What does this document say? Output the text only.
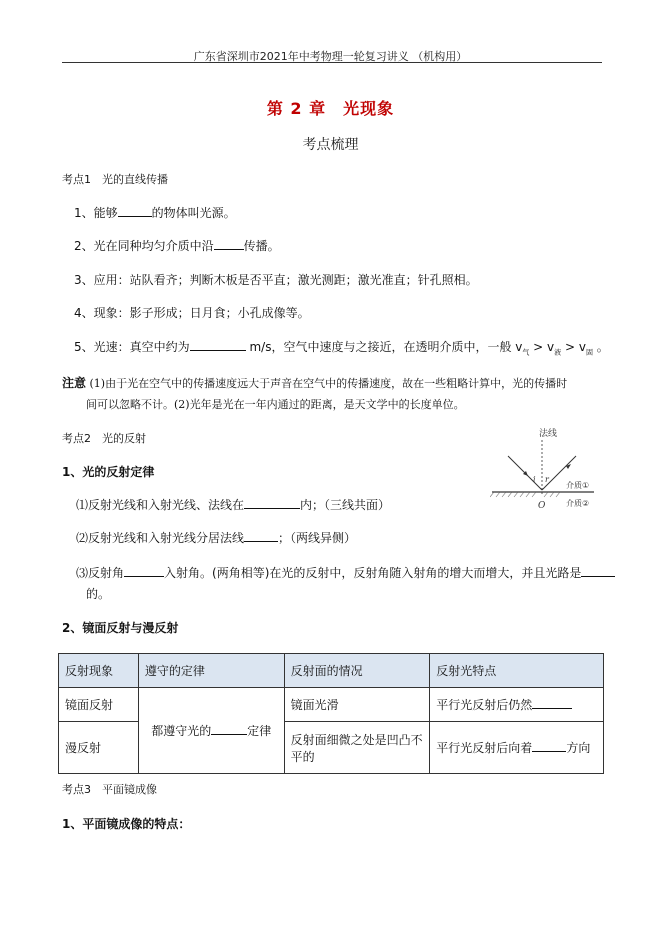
广东省深圳市2021年中考物理一轮复习讲义 （机构用）
第 2 章　光现象
考点梳理
考点1　光的直线传播
1、能够	的物体叫光源。
2、光在同种均匀介质中沿	传播。
3、应用：站队看齐；判断木板是否平直；激光测距；激光准直；针孔照相。
4、现象：影子形成；日月食；小孔成像等。
5、光速：真空中约为	m/s，空气中速度与之接近，在透明介质中，一般 $v_气 > v_液 > v_固$ 。
注意 (1)由于光在空气中的传播速度远大于声音在空气中的传播速度，故在一些粗略计算中，光的传播时
间可以忽略不计。(2)光年是光在一年内通过的距离，是天文学中的长度单位。
考点2　光的反射
1、光的反射定律
法线
i r
O
介质①
介质②
⑴反射光线和入射光线、法线在	内；（三线共面）
⑵反射光线和入射光线分居法线	；（两线异侧）
⑶反射角	入射角。(两角相等)在光的反射中，反射角随入射角的增大而增大，并且光路是
的。
2、镜面反射与漫反射
反射现象	遵守的定律	反射面的情况	反射光特点
镜面反射	都遵守光的 定律	镜面光滑	平行光反射后仍然
漫反射		反射面细微之处是凹凸不平的	平行光反射后向着 方向
考点3　平面镜成像
1、平面镜成像的特点：
